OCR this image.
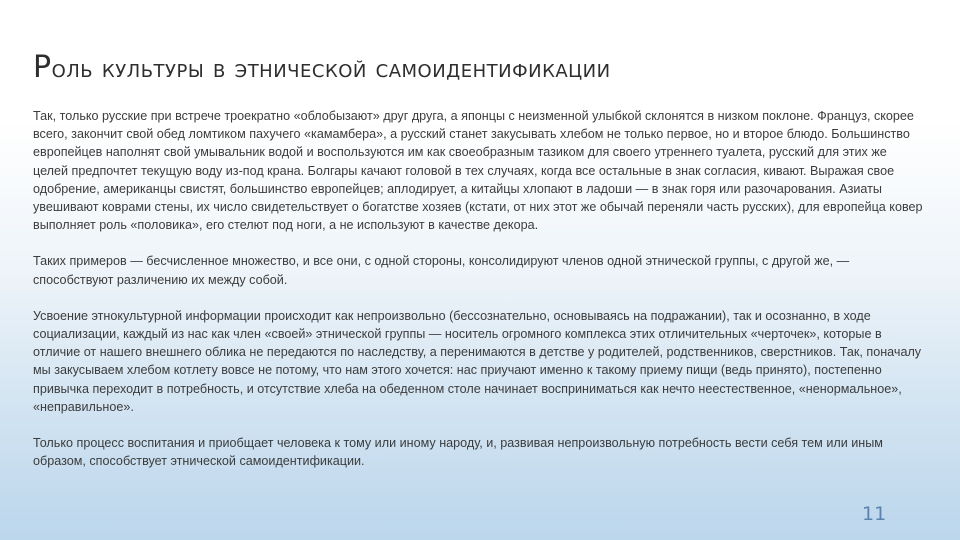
Роль культуры в этнической самоидентификации

Так, только русские при встрече троекратно «облобызают» друг друга, а японцы с неизменной улыбкой склонятся в низком поклоне. Француз, скорее всего, закончит свой обед ломтиком пахучего «камамбера», а русский станет закусывать хлебом не только первое, но и второе блюдо. Большинство европейцев наполнят свой умывальник водой и воспользуются им как своеобразным тазиком для своего утреннего туалета, русский для этих же целей предпочтет текущую воду из-под крана. Болгары качают головой в тех случаях, когда все остальные в знак согласия, кивают. Выражая свое одобрение, американцы свистят, большинство европейцев; аплодирует, а китайцы хлопают в ладоши — в знак горя или разочарования. Азиаты увешивают коврами стены, их число свидетельствует о богатстве хозяев (кстати, от них этот же обычай переняли часть русских), для европейца ковер выполняет роль «половика», его стелют под ноги, а не используют в качестве декора.

Таких примеров — бесчисленное множество, и все они, с одной стороны, консолидируют членов одной этнической группы, с другой же, — способствуют различению их между собой.

Усвоение этнокультурной информации происходит как непроизвольно (бессознательно, основываясь на подражании), так и осознанно, в ходе социализации, каждый из нас как член «своей» этнической группы — носитель огромного комплекса этих отличительных «черточек», которые в отличие от нашего внешнего облика не передаются по наследству, а перенимаются в детстве у родителей, родственников, сверстников. Так, поначалу мы закусываем хлебом котлету вовсе не потому, что нам этого хочется: нас приучают именно к такому приему пищи (ведь принято), постепенно привычка переходит в потребность, и отсутствие хлеба на обеденном столе начинает восприниматься как нечто неестественное, «ненормальное», «неправильное».

Только процесс воспитания и приобщает человека к тому или иному народу, и, развивая непроизвольную потребность вести себя тем или иным образом, способствует этнической самоидентификации.

11
